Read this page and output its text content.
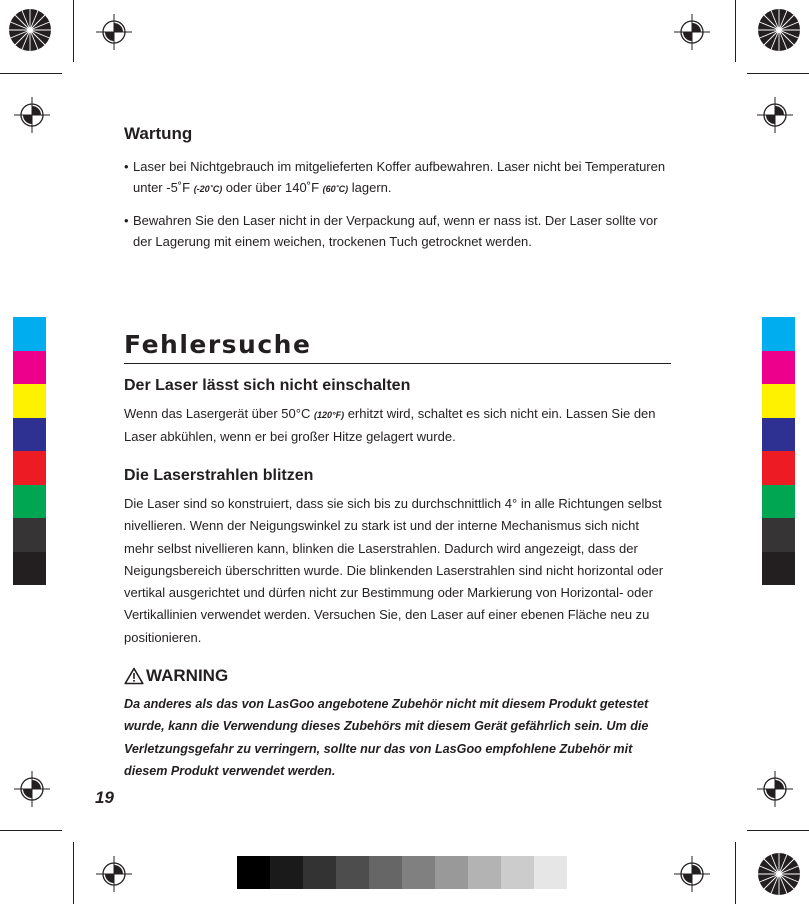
Wartung
• Laser bei Nichtgebrauch im mitgelieferten Koffer aufbewahren. Laser nicht bei Temperaturen unter -5˚F (-20˚C) oder über 140˚F (60˚C) lagern.
• Bewahren Sie den Laser nicht in der Verpackung auf, wenn er nass ist. Der Laser sollte vor der Lagerung mit einem weichen, trockenen Tuch getrocknet werden.
Fehlersuche
Der Laser lässt sich nicht einschalten
Wenn das Lasergerät über 50°C (120°F) erhitzt wird, schaltet es sich nicht ein. Lassen Sie den Laser abkühlen, wenn er bei großer Hitze gelagert wurde.
Die Laserstrahlen blitzen
Die Laser sind so konstruiert, dass sie sich bis zu durchschnittlich 4° in alle Richtungen selbst nivellieren. Wenn der Neigungswinkel zu stark ist und der interne Mechanismus sich nicht mehr selbst nivellieren kann, blinken die Laserstrahlen. Dadurch wird angezeigt, dass der Neigungsbereich überschritten wurde. Die blinkenden Laserstrahlen sind nicht horizontal oder vertikal ausgerichtet und dürfen nicht zur Bestimmung oder Markierung von Horizontal- oder Vertikallinien verwendet werden. Versuchen Sie, den Laser auf einer ebenen Fläche neu zu positionieren.
WARNING
Da anderes als das von LasGoo angebotene Zubehör nicht mit diesem Produkt getestet wurde, kann die Verwendung dieses Zubehörs mit diesem Gerät gefährlich sein. Um die Verletzungsgefahr zu verringern, sollte nur das von LasGoo empfohlene Zubehör mit diesem Produkt verwendet werden.
19
